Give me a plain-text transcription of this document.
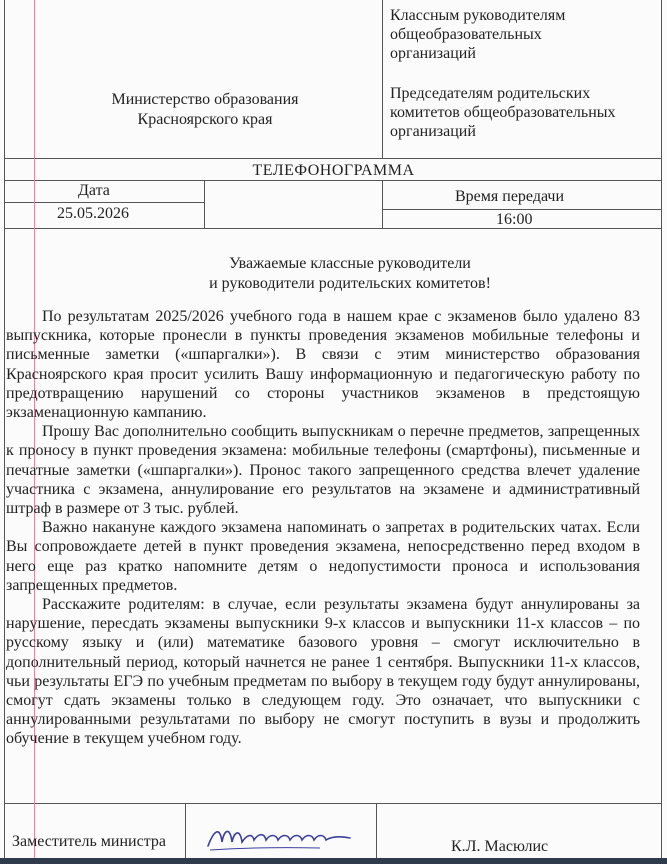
Министерство образования
Красноярского края
Классным руководителям
общеобразовательных
организаций
Председателям родительских
комитетов общеобразовательных
организаций
ТЕЛЕФОНОГРАММА
Дата
25.05.2026
Время передачи
16:00
Уважаемые классные руководители
и руководители родительских комитетов!

По результатам 2025/2026 учебного года в нашем крае с экзаменов было удалено 83 выпускника, которые пронесли в пункты проведения экзаменов мобильные телефоны и письменные заметки («шпаргалки»). В связи с этим министерство образования Красноярского края просит усилить Вашу информационную и педагогическую работу по предотвращению нарушений со стороны участников экзаменов в предстоящую экзаменационную кампанию.

Прошу Вас дополнительно сообщить выпускникам о перечне предметов, запрещенных к проносу в пункт проведения экзамена: мобильные телефоны (смартфоны), письменные и печатные заметки («шпаргалки»). Пронос такого запрещенного средства влечет удаление участника с экзамена, аннулирование его результатов на экзамене и административный штраф в размере от 3 тыс. рублей.

Важно накануне каждого экзамена напоминать о запретах в родительских чатах. Если Вы сопровождаете детей в пункт проведения экзамена, непосредственно перед входом в него еще раз кратко напомните детям о недопустимости проноса и использования запрещенных предметов.

Расскажите родителям: в случае, если результаты экзамена будут аннулированы за нарушение, пересдать экзамены выпускники 9-х классов и выпускники 11-х классов – по русскому языку и (или) математике базового уровня – смогут исключительно в дополнительный период, который начнется не ранее 1 сентября. Выпускники 11-х классов, чьи результаты ЕГЭ по учебным предметам по выбору в текущем году будут аннулированы, смогут сдать экзамены только в следующем году. Это означает, что выпускники с аннулированными результатами по выбору не смогут поступить в вузы и продолжить обучение в текущем учебном году.

Заместитель министра	К.Л. Масюлис
